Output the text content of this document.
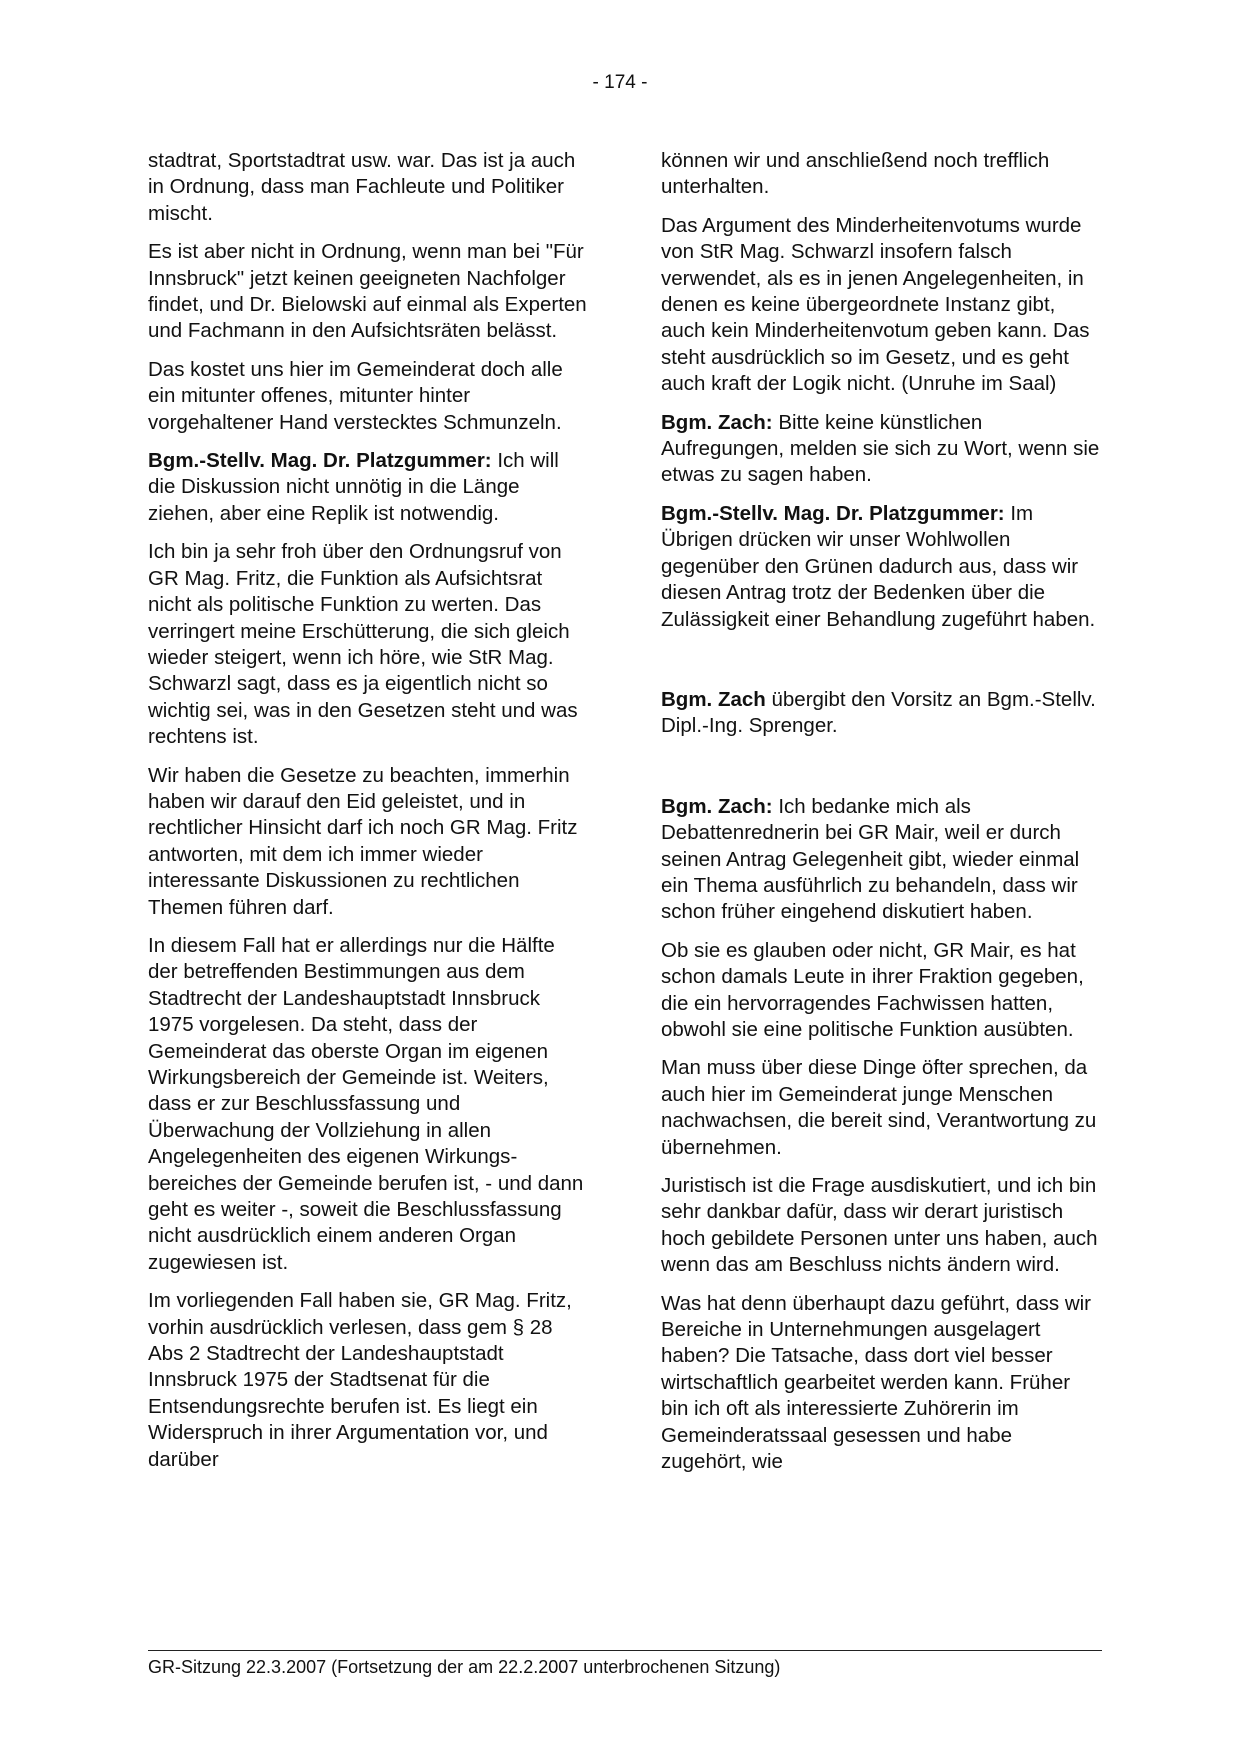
- 174 -

stadtrat, Sportstadtrat usw. war. Das ist ja auch in Ordnung, dass man Fachleute und Politiker mischt.

Es ist aber nicht in Ordnung, wenn man bei "Für Innsbruck" jetzt keinen geeigneten Nachfolger findet, und Dr. Bielowski auf einmal als Experten und Fachmann in den Aufsichtsräten belässt.

Das kostet uns hier im Gemeinderat doch alle ein mitunter offenes, mitunter hinter vorgehaltener Hand verstecktes Schmunzeln.

Bgm.-Stellv. Mag. Dr. Platzgummer: Ich will die Diskussion nicht unnötig in die Länge ziehen, aber eine Replik ist notwendig.

Ich bin ja sehr froh über den Ordnungsruf von GR Mag. Fritz, die Funktion als Aufsichtsrat nicht als politische Funktion zu werten. Das verringert meine Erschütterung, die sich gleich wieder steigert, wenn ich höre, wie StR Mag. Schwarzl sagt, dass es ja eigentlich nicht so wichtig sei, was in den Gesetzen steht und was rechtens ist.

Wir haben die Gesetze zu beachten, immerhin haben wir darauf den Eid geleistet, und in rechtlicher Hinsicht darf ich noch GR Mag. Fritz antworten, mit dem ich immer wieder interessante Diskussionen zu rechtlichen Themen führen darf.

In diesem Fall hat er allerdings nur die Hälfte der betreffenden Bestimmungen aus dem Stadtrecht der Landeshauptstadt Innsbruck 1975 vorgelesen. Da steht, dass der Gemeinderat das oberste Organ im eigenen Wirkungsbereich der Gemeinde ist. Weiters, dass er zur Beschlussfassung und Überwachung der Vollziehung in allen Angelegenheiten des eigenen Wirkungsbereiches der Gemeinde berufen ist, - und dann geht es weiter -, soweit die Beschlussfassung nicht ausdrücklich einem anderen Organ zugewiesen ist.

Im vorliegenden Fall haben sie, GR Mag. Fritz, vorhin ausdrücklich verlesen, dass gem § 28 Abs 2 Stadtrecht der Landeshauptstadt Innsbruck 1975 der Stadtsenat für die Entsendungsrechte berufen ist. Es liegt ein Widerspruch in ihrer Argumentation vor, und darüber

können wir und anschließend noch trefflich unterhalten.

Das Argument des Minderheitenvotums wurde von StR Mag. Schwarzl insofern falsch verwendet, als es in jenen Angelegenheiten, in denen es keine übergeordnete Instanz gibt, auch kein Minderheitenvotum geben kann. Das steht ausdrücklich so im Gesetz, und es geht auch kraft der Logik nicht. (Unruhe im Saal)

Bgm. Zach: Bitte keine künstlichen Aufregungen, melden sie sich zu Wort, wenn sie etwas zu sagen haben.

Bgm.-Stellv. Mag. Dr. Platzgummer: Im Übrigen drücken wir unser Wohlwollen gegenüber den Grünen dadurch aus, dass wir diesen Antrag trotz der Bedenken über die Zulässigkeit einer Behandlung zugeführt haben.

Bgm. Zach übergibt den Vorsitz an Bgm.-Stellv. Dipl.-Ing. Sprenger.

Bgm. Zach: Ich bedanke mich als Debattenrednerin bei GR Mair, weil er durch seinen Antrag Gelegenheit gibt, wieder einmal ein Thema ausführlich zu behandeln, dass wir schon früher eingehend diskutiert haben.

Ob sie es glauben oder nicht, GR Mair, es hat schon damals Leute in ihrer Fraktion gegeben, die ein hervorragendes Fachwissen hatten, obwohl sie eine politische Funktion ausübten.

Man muss über diese Dinge öfter sprechen, da auch hier im Gemeinderat junge Menschen nachwachsen, die bereit sind, Verantwortung zu übernehmen.

Juristisch ist die Frage ausdiskutiert, und ich bin sehr dankbar dafür, dass wir derart juristisch hoch gebildete Personen unter uns haben, auch wenn das am Beschluss nichts ändern wird.

Was hat denn überhaupt dazu geführt, dass wir Bereiche in Unternehmungen ausgelagert haben? Die Tatsache, dass dort viel besser wirtschaftlich gearbeitet werden kann. Früher bin ich oft als interessierte Zuhörerin im Gemeinderatssaal gesessen und habe zugehört, wie

GR-Sitzung 22.3.2007 (Fortsetzung der am 22.2.2007 unterbrochenen Sitzung)
